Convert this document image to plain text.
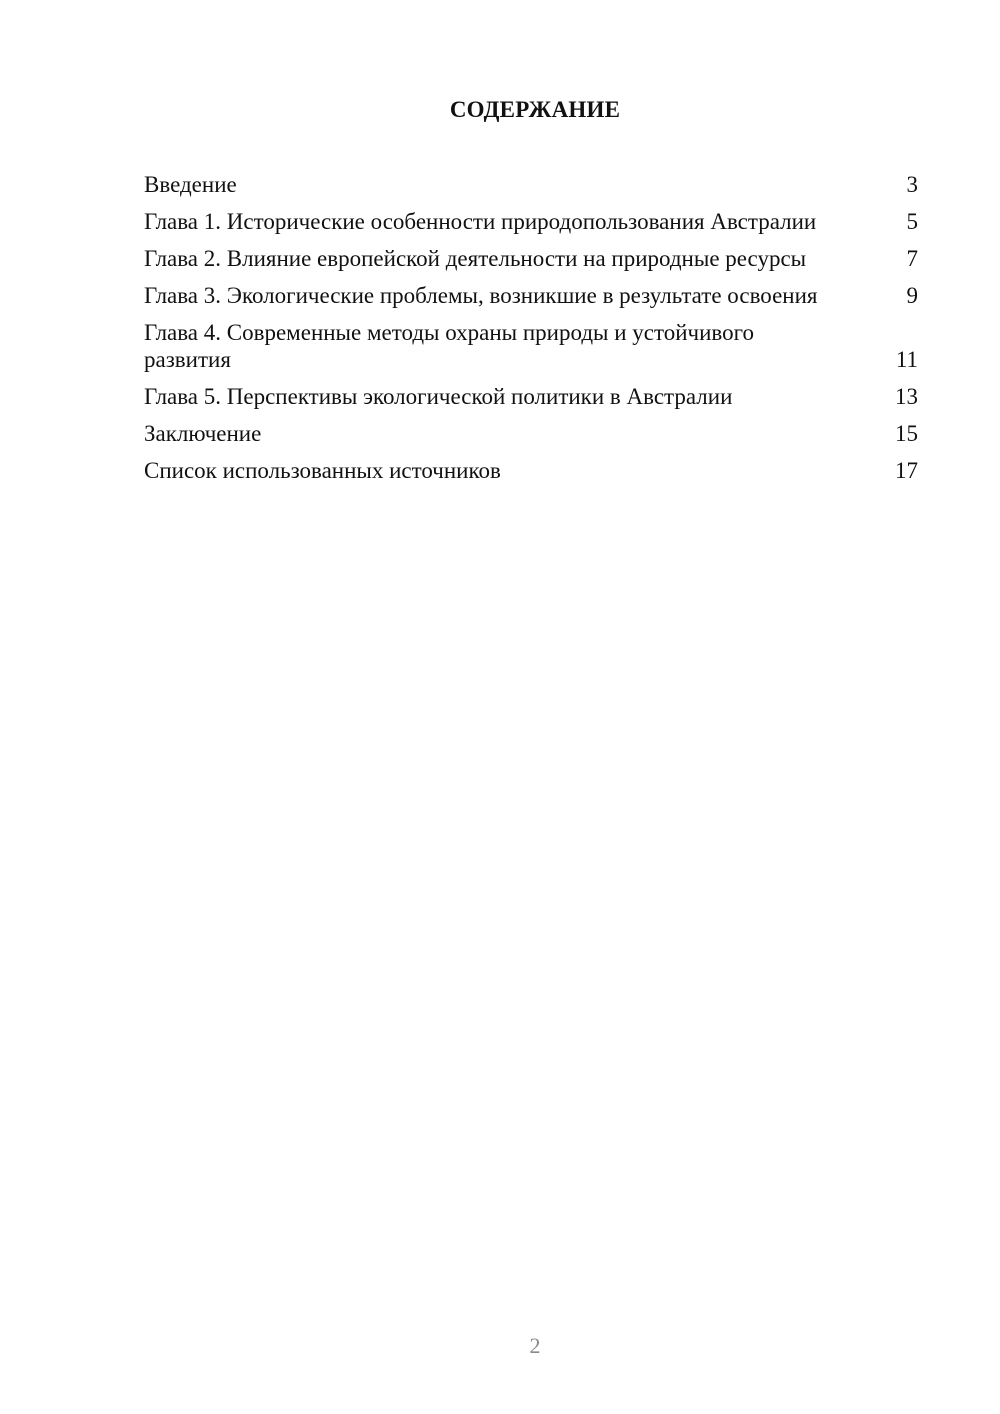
СОДЕРЖАНИЕ
Введение	3
Глава 1. Исторические особенности природопользования Австралии	5
Глава 2. Влияние европейской деятельности на природные ресурсы	7
Глава 3. Экологические проблемы, возникшие в результате освоения	9
Глава 4. Современные методы охраны природы и устойчивого развития	11
Глава 5. Перспективы экологической политики в Австралии	13
Заключение	15
Список использованных источников	17
2
